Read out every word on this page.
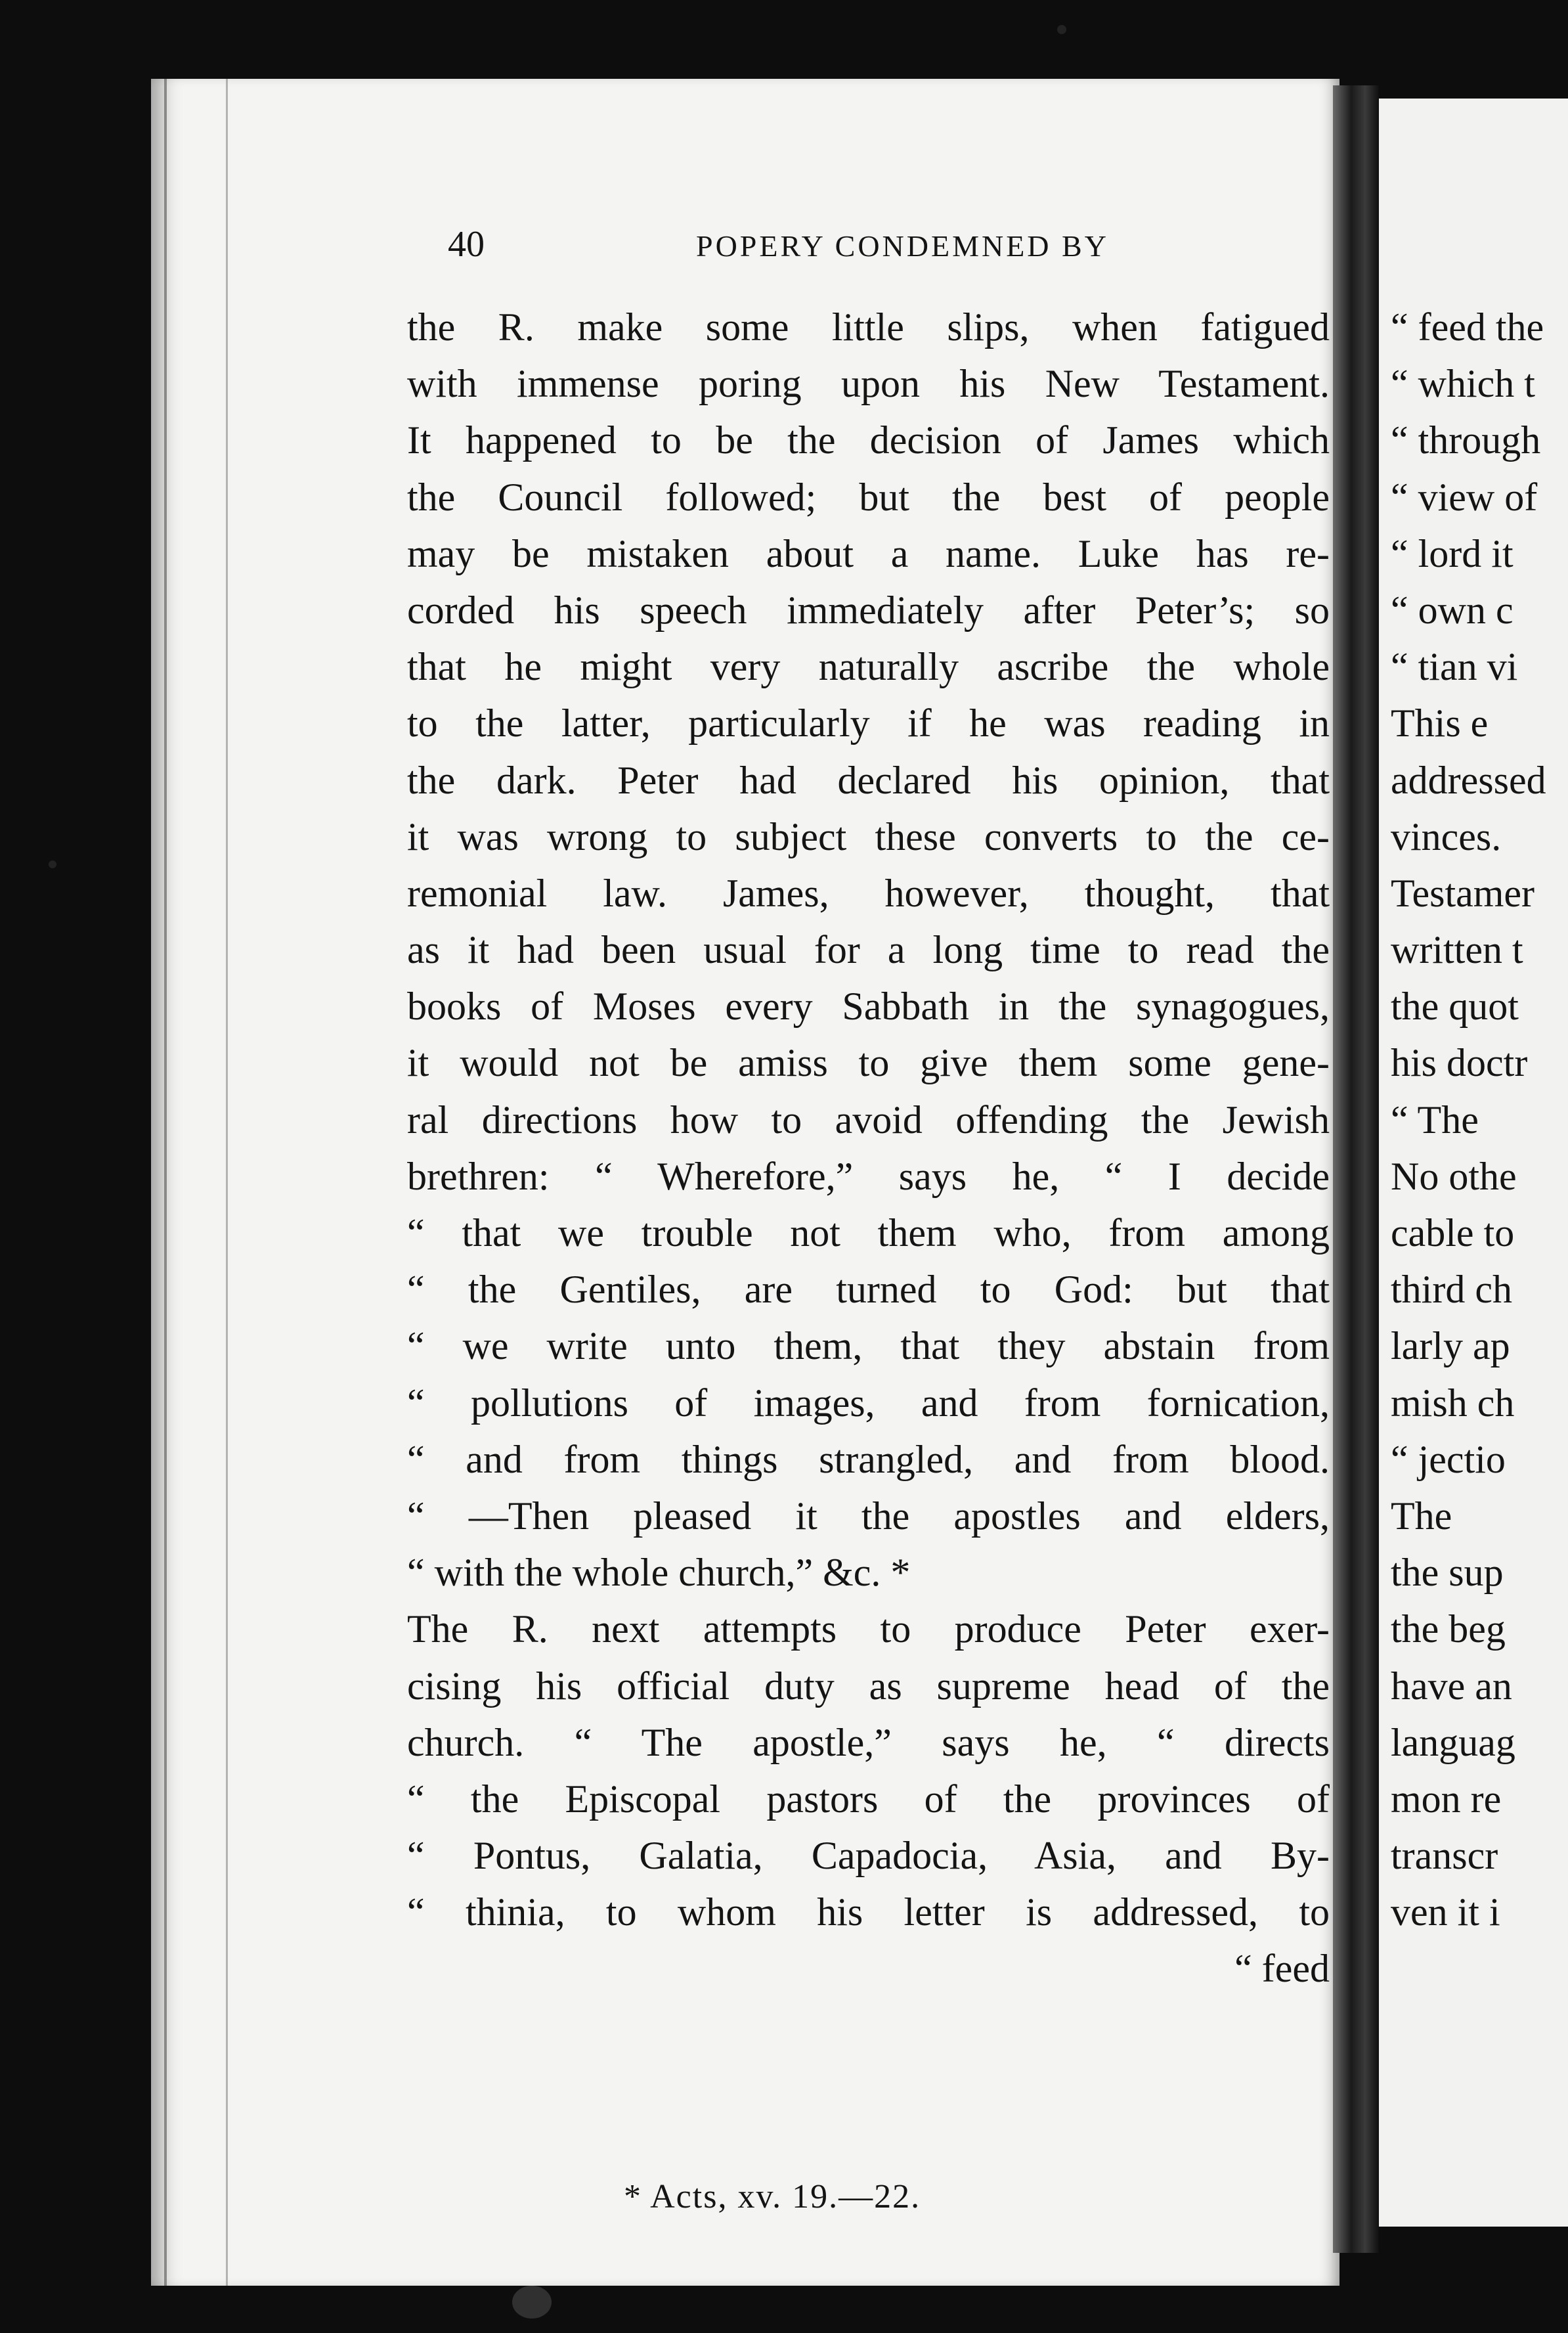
40	POPERY CONDEMNED BY
the R. make some little slips, when fatigued
with immense poring upon his New Testament.
It happened to be the decision of James which
the Council followed; but the best of people
may be mistaken about a name. Luke has re-
corded his speech immediately after Peter’s; so
that he might very naturally ascribe the whole
to the latter, particularly if he was reading in
the dark. Peter had declared his opinion, that
it was wrong to subject these converts to the ce-
remonial law. James, however, thought, that
as it had been usual for a long time to read the
books of Moses every Sabbath in the synagogues,
it would not be amiss to give them some gene-
ral directions how to avoid offending the Jewish
brethren: “ Wherefore,” says he, “ I decide
“ that we trouble not them who, from among
“ the Gentiles, are turned to God: but that
“ we write unto them, that they abstain from
“ pollutions of images, and from fornication,
“ and from things strangled, and from blood.
“ —Then pleased it the apostles and elders,
“ with the whole church,” &c. *
The R. next attempts to produce Peter exer-
cising his official duty as supreme head of the
church. “ The apostle,” says he, “ directs
“ the Episcopal pastors of the provinces of
“ Pontus, Galatia, Capadocia, Asia, and By-
“ thinia, to whom his letter is addressed, to
“ feed
* Acts, xv. 19.—22.
“ feed the
“ which t
“ through
“ view of
“ lord it
“ own c
“ tian vi
This e
addressed
vinces.
Testamer
written t
the quot
his doctr
“ The
No othe
cable to
third ch
larly ap
mish ch
“ jectio
The
the sup
the beg
have an
languag
mon re
transcr
ven it i
